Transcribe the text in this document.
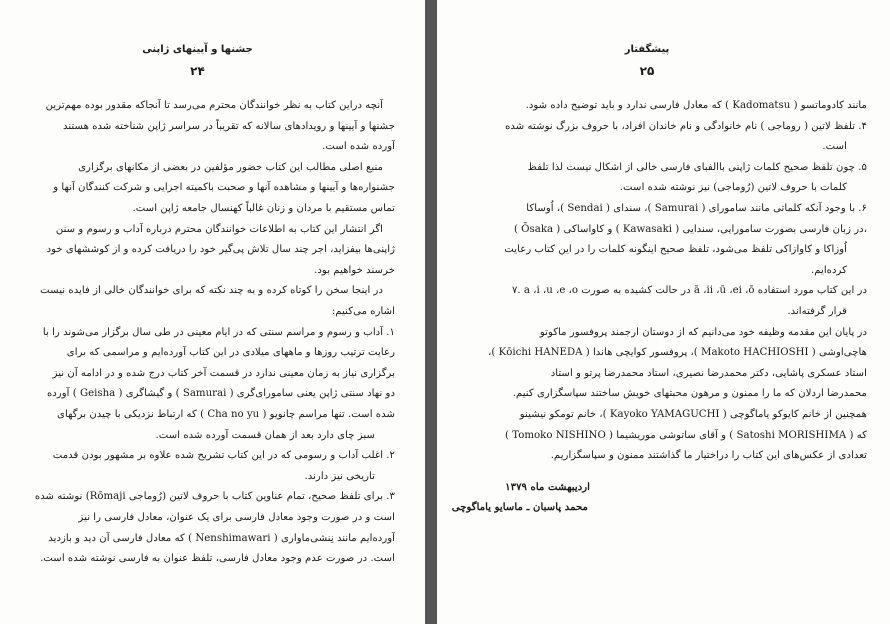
جشنها و آیینهای ژاپنی
۲۴
آنچه دراین کتاب به نظر خوانندگان محترم می‌رسد تا آنجاکه مقدور بوده مهم‌ترین
جشنها و آیینها و رویدادهای سالانه که تقریباً در سراسر ژاپن شناخته شده هستند
آورده شده است.
منبع اصلی مطالب این کتاب حضور مؤلفین در بعضی از مکانهای برگزاری
جشنواره‌ها و آیینها و مشاهده آنها و صحبت باکمیته اجرایی و شرکت کنندگان آنها و
تماس مستقیم با مردان و زنان غالباً کهنسال جامعه ژاپن است.
اگر انتشار این کتاب به اطلاعات خوانندگان محترم درباره آداب و رسوم و سنن
ژاپنی‌ها بیفزاید، اجر چند سال تلاش پی‌گیر خود را دریافت کرده و از کوششهای خود
خرسند خواهیم بود.
در اینجا سخن را کوتاه کرده و به چند نکته که برای خوانندگان خالی از فایده نیست
اشاره می‌کنیم:
۱. آداب و رسوم و مراسم سنتی که در ایام معینی در طی سال برگزار می‌شوند را با
رعایت ترتیب روزها و ماههای میلادی در این کتاب آورده‌ایم و مراسمی که برای
برگزاری نیاز به زمان معینی ندارد در قسمت آخر کتاب درج شده و در ادامه آن نیز
دو نهاد سنتی ژاپن یعنی سامورای‌گری ( Samurai ) و گیشاگری ( Geisha ) آورده
شده است. تنها مراسم چانویو ( Cha no yu ) که ارتباط نزدیکی با چیدن برگهای
سبز چای دارد بعد از همان قسمت آورده شده است.
۲. اغلب آداب و رسومی که در این کتاب تشریح شده علاوه بر مشهور بودن قدمت
تاریخی نیز دارند.
۳. برای تلفظ صحیح، تمام عناوین کتاب با حروف لاتین (رُوماجی Rōmaji) نوشته شده
است و در صورت وجود معادل فارسی برای یک عنوان، معادل فارسی را نیز
آورده‌ایم مانند نِنشی‌ماواری ( Nenshimawari ) که معادل فارسی آن دید و بازدید
است. در صورت عدم وجود معادل فارسی، تلفظ عنوان به فارسی نوشته شده است.
پیشگفتار
۲۵
مانند کادوماتسو ( Kadomatsu ) که معادل فارسی ندارد و باید توضیح داده شود.
۴. تلفظ لاتین ( روماجی ) نام خانوادگی و نام خاندان افراد، با حروف بزرگ نوشته شده
است.
۵. چون تلفظ صحیح کلمات ژاپنی باالفبای فارسی خالی از اشکال نیست لذا تلفظ
کلمات با حروف لاتین (رُوماجی) نیز نوشته شده است.
۶. با وجود آنکه کلماتی مانند سامورای ( Samurai )، سندای ( Sendai )، اُوساکا
( Ōsaka ) و کاواساکی ( Kawasaki ) در زبان فارسی بصورت سامورایی، سندایی،
اُوزاکا و کاوازاکی تلفظ می‌شود، تلفظ صحیح اینگونه کلمات را در این کتاب رعایت
کرده‌ایم.
۷. a ،i ،u ،e ،o در حالت کشیده به صورت ā ،ii ،ū ،ei ،ō در این کتاب مورد استفاده
قرار گرفته‌اند.
در پایان این مقدمه وظیفه خود می‌دانیم که از دوستان ارجمند پروفسور ماکوتو
هاچی‌اوشی ( Makoto HACHIOSHI )، پروفسور کوایچی هاندا ( Kōichi HANEDA )،
استاد عسکری پاشایی، دکتر محمدرضا نصیری، استاد محمدرضا پرتو و استاد
محمدرضا اردلان که ما را ممنون و مرهون محبتهای خویش ساختند سپاسگزاری کنیم.
همچنین از خانم کایوکو یاماگوچی ( Kayoko YAMAGUCHI )، خانم تومکو نیشینو
( Tomoko NISHINO ) و آقای ساتوشی موریشیما ( Satoshi MORISHIMA ) که
تعدادی از عکس‌های این کتاب را دراختیار ما گذاشتند ممنون و سپاسگزاریم.
اردیبهشت ماه ۱۳۷۹
محمد پاسبان ـ ماسایو یاماگوچی
